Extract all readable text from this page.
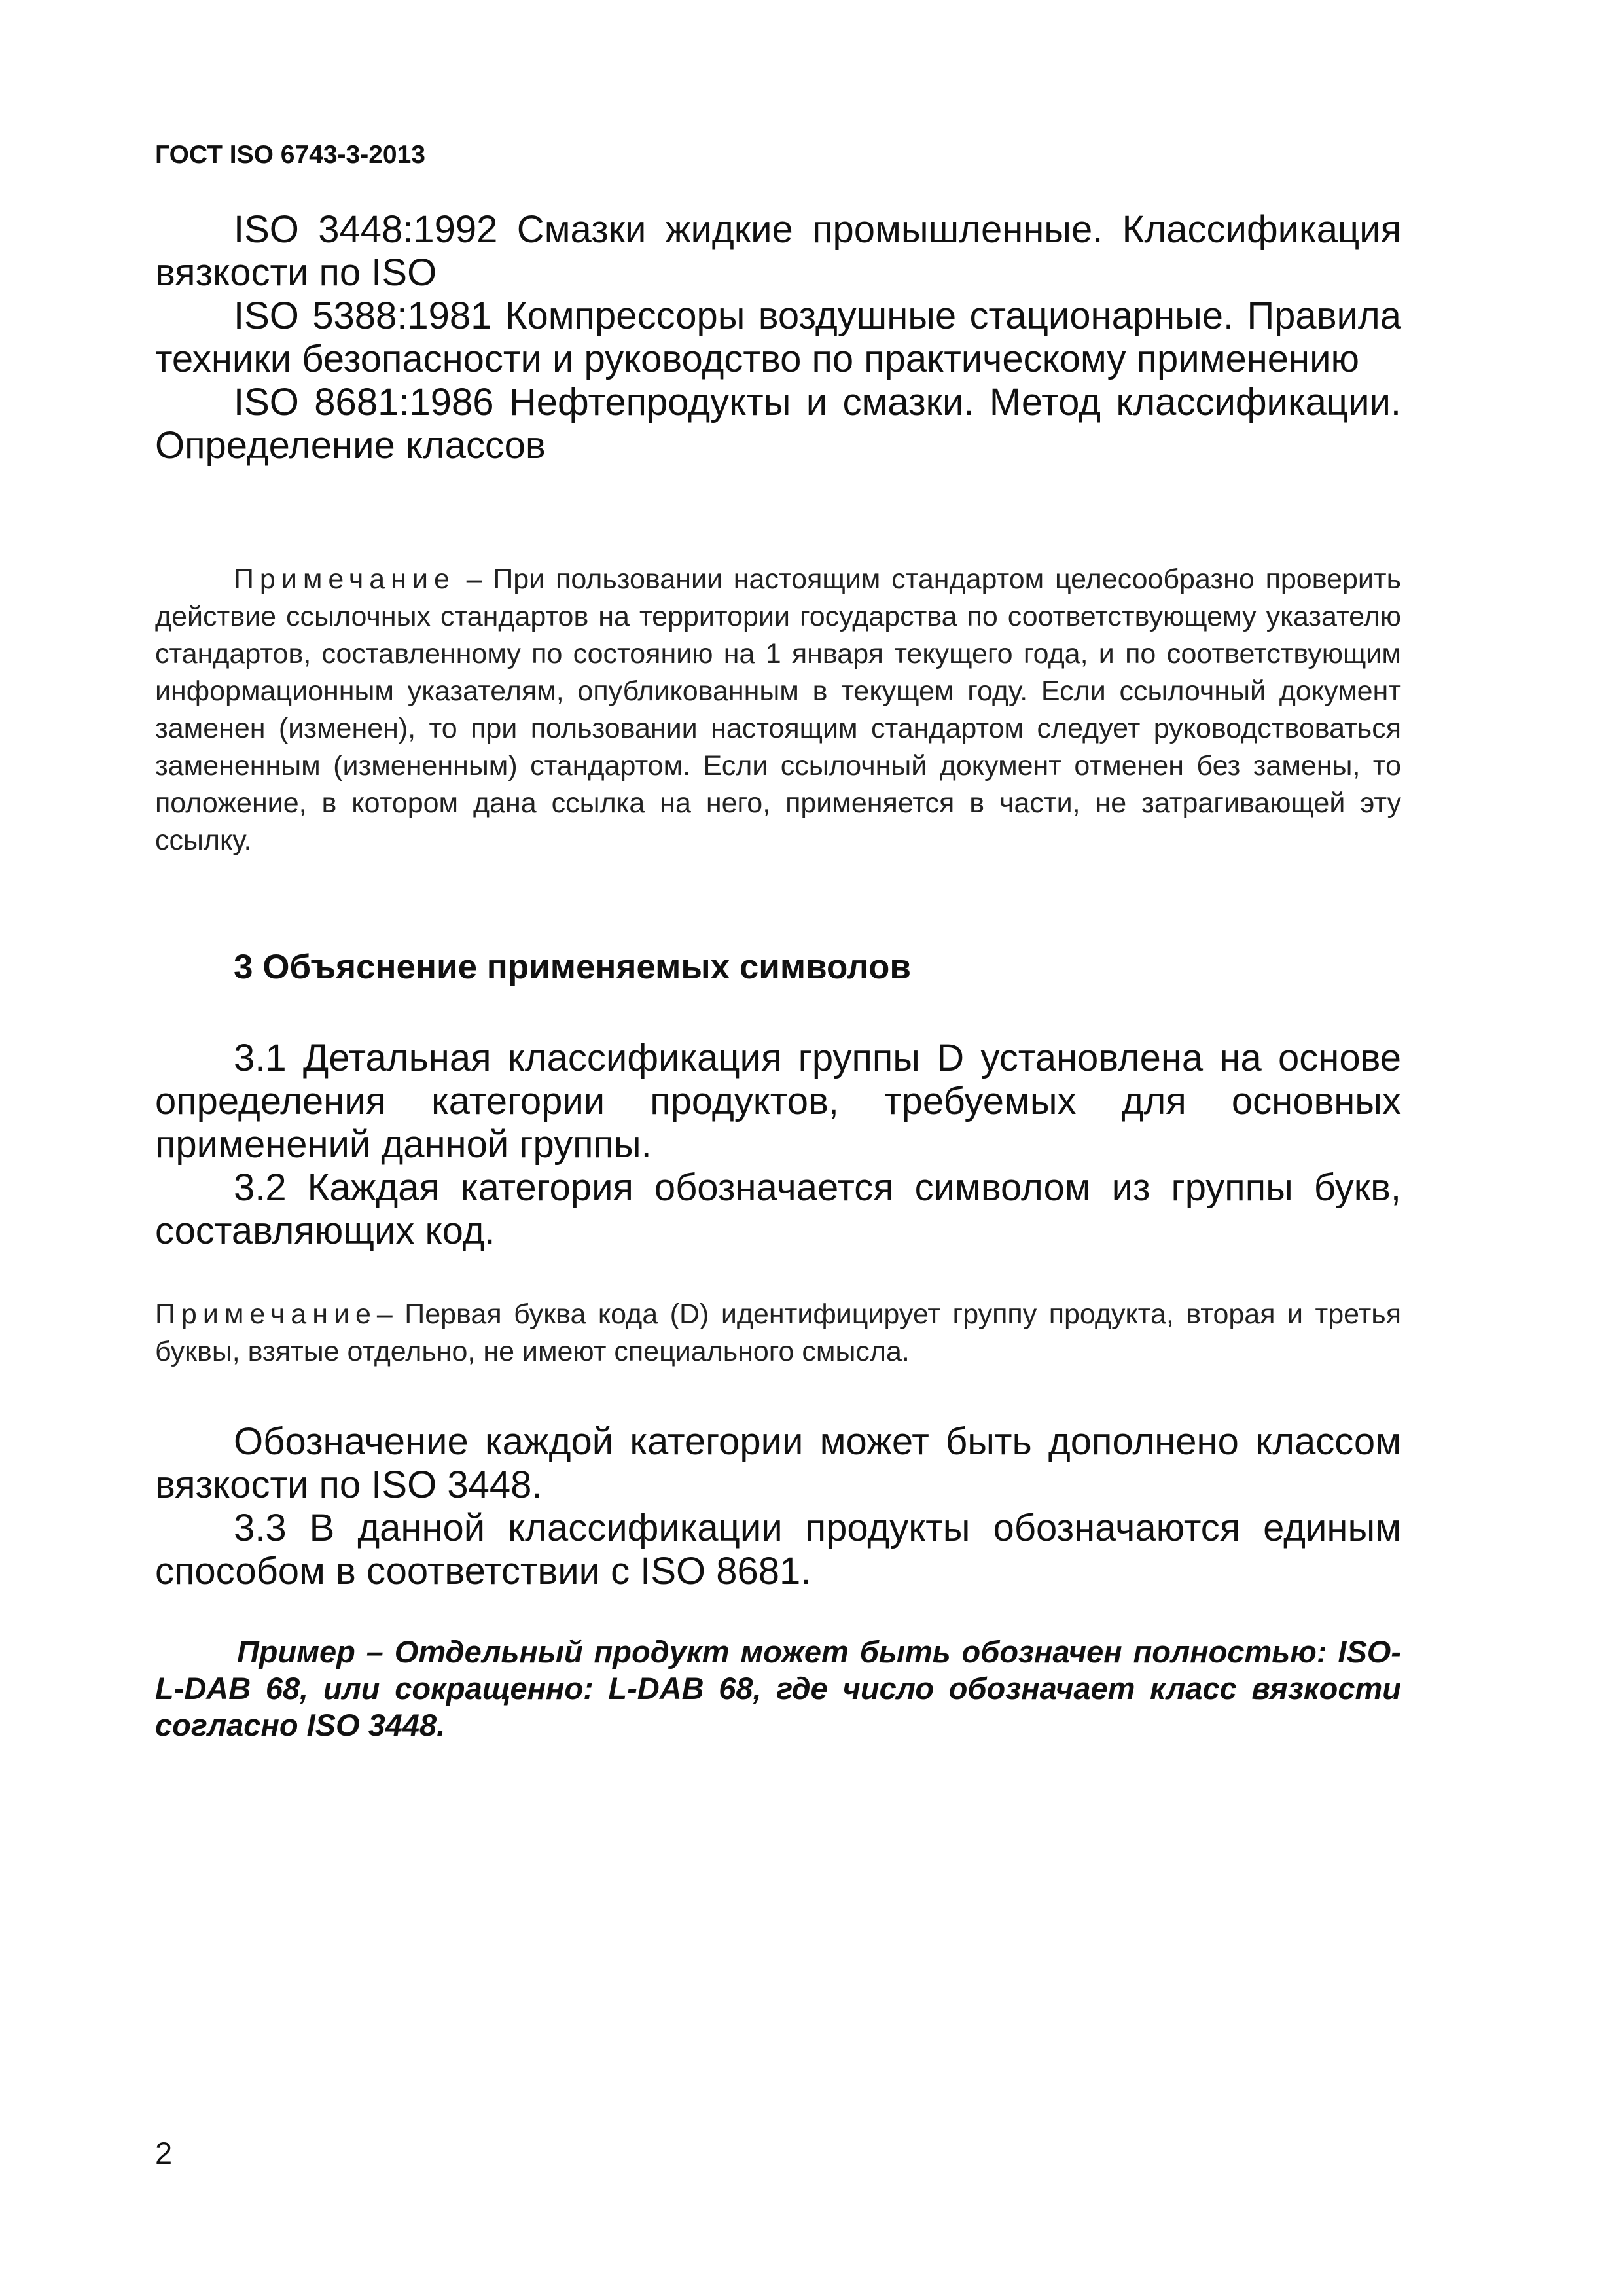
ГОСТ ISO 6743-3-2013

ISO 3448:1992 Смазки жидкие промышленные. Классификация вязкости по ISO

ISO 5388:1981 Компрессоры воздушные стационарные. Правила техники безопасности и руководство по практическому применению

ISO 8681:1986 Нефтепродукты и смазки. Метод классификации. Определение классов

Примечание – При пользовании настоящим стандартом целесообразно проверить действие ссылочных стандартов на территории государства по соответствующему указателю стандартов, составленному по состоянию на 1 января текущего года, и по соответствующим информационным указателям, опубликованным в текущем году. Если ссылочный документ заменен (изменен), то при пользовании настоящим стандартом следует руководствоваться замененным (измененным) стандартом. Если ссылочный документ отменен без замены, то положение, в котором дана ссылка на него, применяется в части, не затрагивающей эту ссылку.

3 Объяснение применяемых символов

3.1 Детальная классификация группы D установлена на основе определения категории продуктов, требуемых для основных применений данной группы.

3.2 Каждая категория обозначается символом из группы букв, составляющих код.

Примечание– Первая буква кода (D) идентифицирует группу продукта, вторая и третья буквы, взятые отдельно, не имеют специального смысла.

Обозначение каждой категории может быть дополнено классом вязкости по ISO 3448.

3.3 В данной классификации продукты обозначаются единым способом в соответствии с ISO 8681.

Пример – Отдельный продукт может быть обозначен полностью: ISO-L-DAB 68, или сокращенно: L-DAB 68, где число обозначает класс вязкости согласно ISO 3448.

2
